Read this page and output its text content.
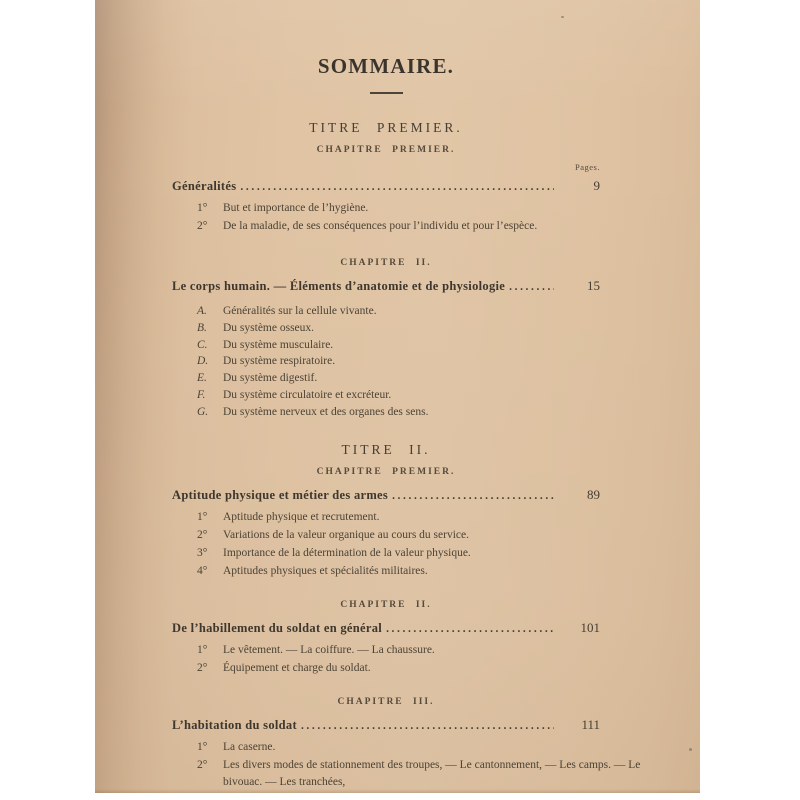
SOMMAIRE.
TITRE PREMIER.
CHAPITRE PREMIER.
Pages.
Généralités .....	9
1°	But et importance de l’hygiène.
2°	De la maladie, de ses conséquences pour l’individu et pour l’espèce.
CHAPITRE II.
Le corps humain. — Éléments d’anatomie et de physiologie .....	15
A.	Généralités sur la cellule vivante.
B.	Du système osseux.
C.	Du système musculaire.
D.	Du système respiratoire.
E.	Du système digestif.
F.	Du système circulatoire et excréteur.
G.	Du système nerveux et des organes des sens.
TITRE II.
CHAPITRE PREMIER.
Aptitude physique et métier des armes .....	89
1°	Aptitude physique et recrutement.
2°	Variations de la valeur organique au cours du service.
3°	Importance de la détermination de la valeur physique.
4°	Aptitudes physiques et spécialités militaires.
CHAPITRE II.
De l’habillement du soldat en général .....	101
1°	Le vêtement. — La coiffure. — La chaussure.
2°	Équipement et charge du soldat.
CHAPITRE III.
L’habitation du soldat .....	111
1°	La caserne.
2°	Les divers modes de stationnement des troupes, — Le cantonnement, — Les camps. — Le bivouac. — Les tranchées,
